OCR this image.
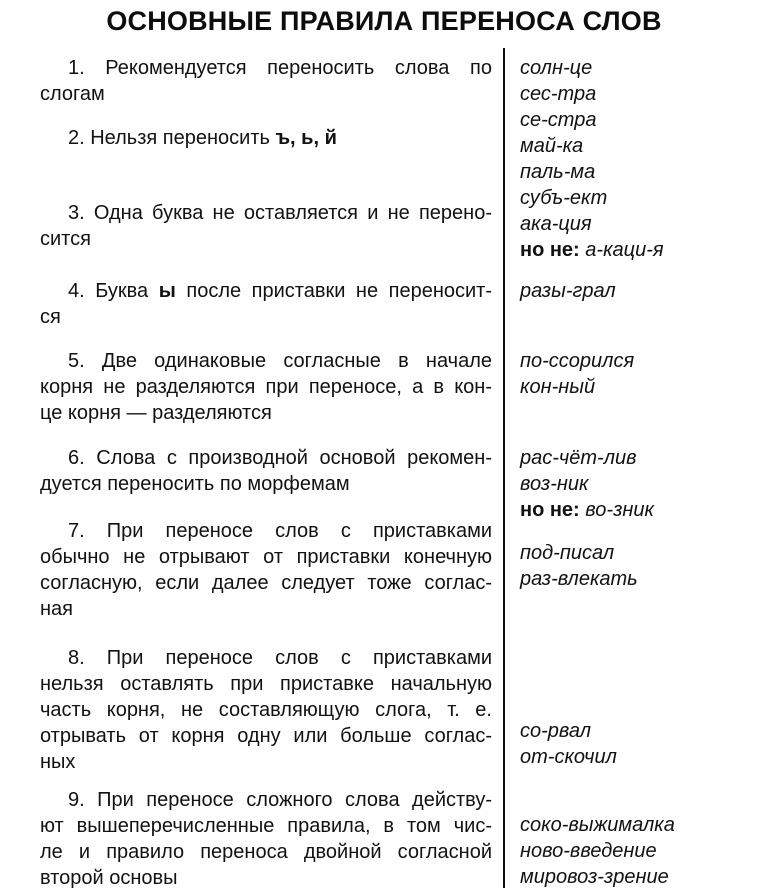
ОСНОВНЫЕ ПРАВИЛА ПЕРЕНОСА СЛОВ
1. Рекомендуется переносить слова по
слогам
2. Нельзя переносить ъ, ь, й
3. Одна буква не оставляется и не перено-
сится
4. Буква ы после приставки не переносит-
ся
5. Две одинаковые согласные в начале
корня не разделяются при переносе, а в кон-
це корня — разделяются
6. Слова с производной основой рекомен-
дуется переносить по морфемам
7. При переносе слов с приставками
обычно не отрывают от приставки конечную
согласную, если далее следует тоже соглас-
ная
8. При переносе слов с приставками
нельзя оставлять при приставке начальную
часть корня, не составляющую слога, т. е.
отрывать от корня одну или больше соглас-
ных
9. При переносе сложного слова действу-
ют вышеперечисленные правила, в том чис-
ле и правило переноса двойной согласной
второй основы
солн-це
сес-тра
се-стра
май-ка
паль-ма
субъ-ект
ака-ция
но не: а-каци-я
разы-грал
по-ссорился
кон-ный
рас-чёт-лив
воз-ник
но не: во-зник
под-писал
раз-влекать
со-рвал
от-скочил
соко-выжималка
ново-введение
мировоз-зрение
